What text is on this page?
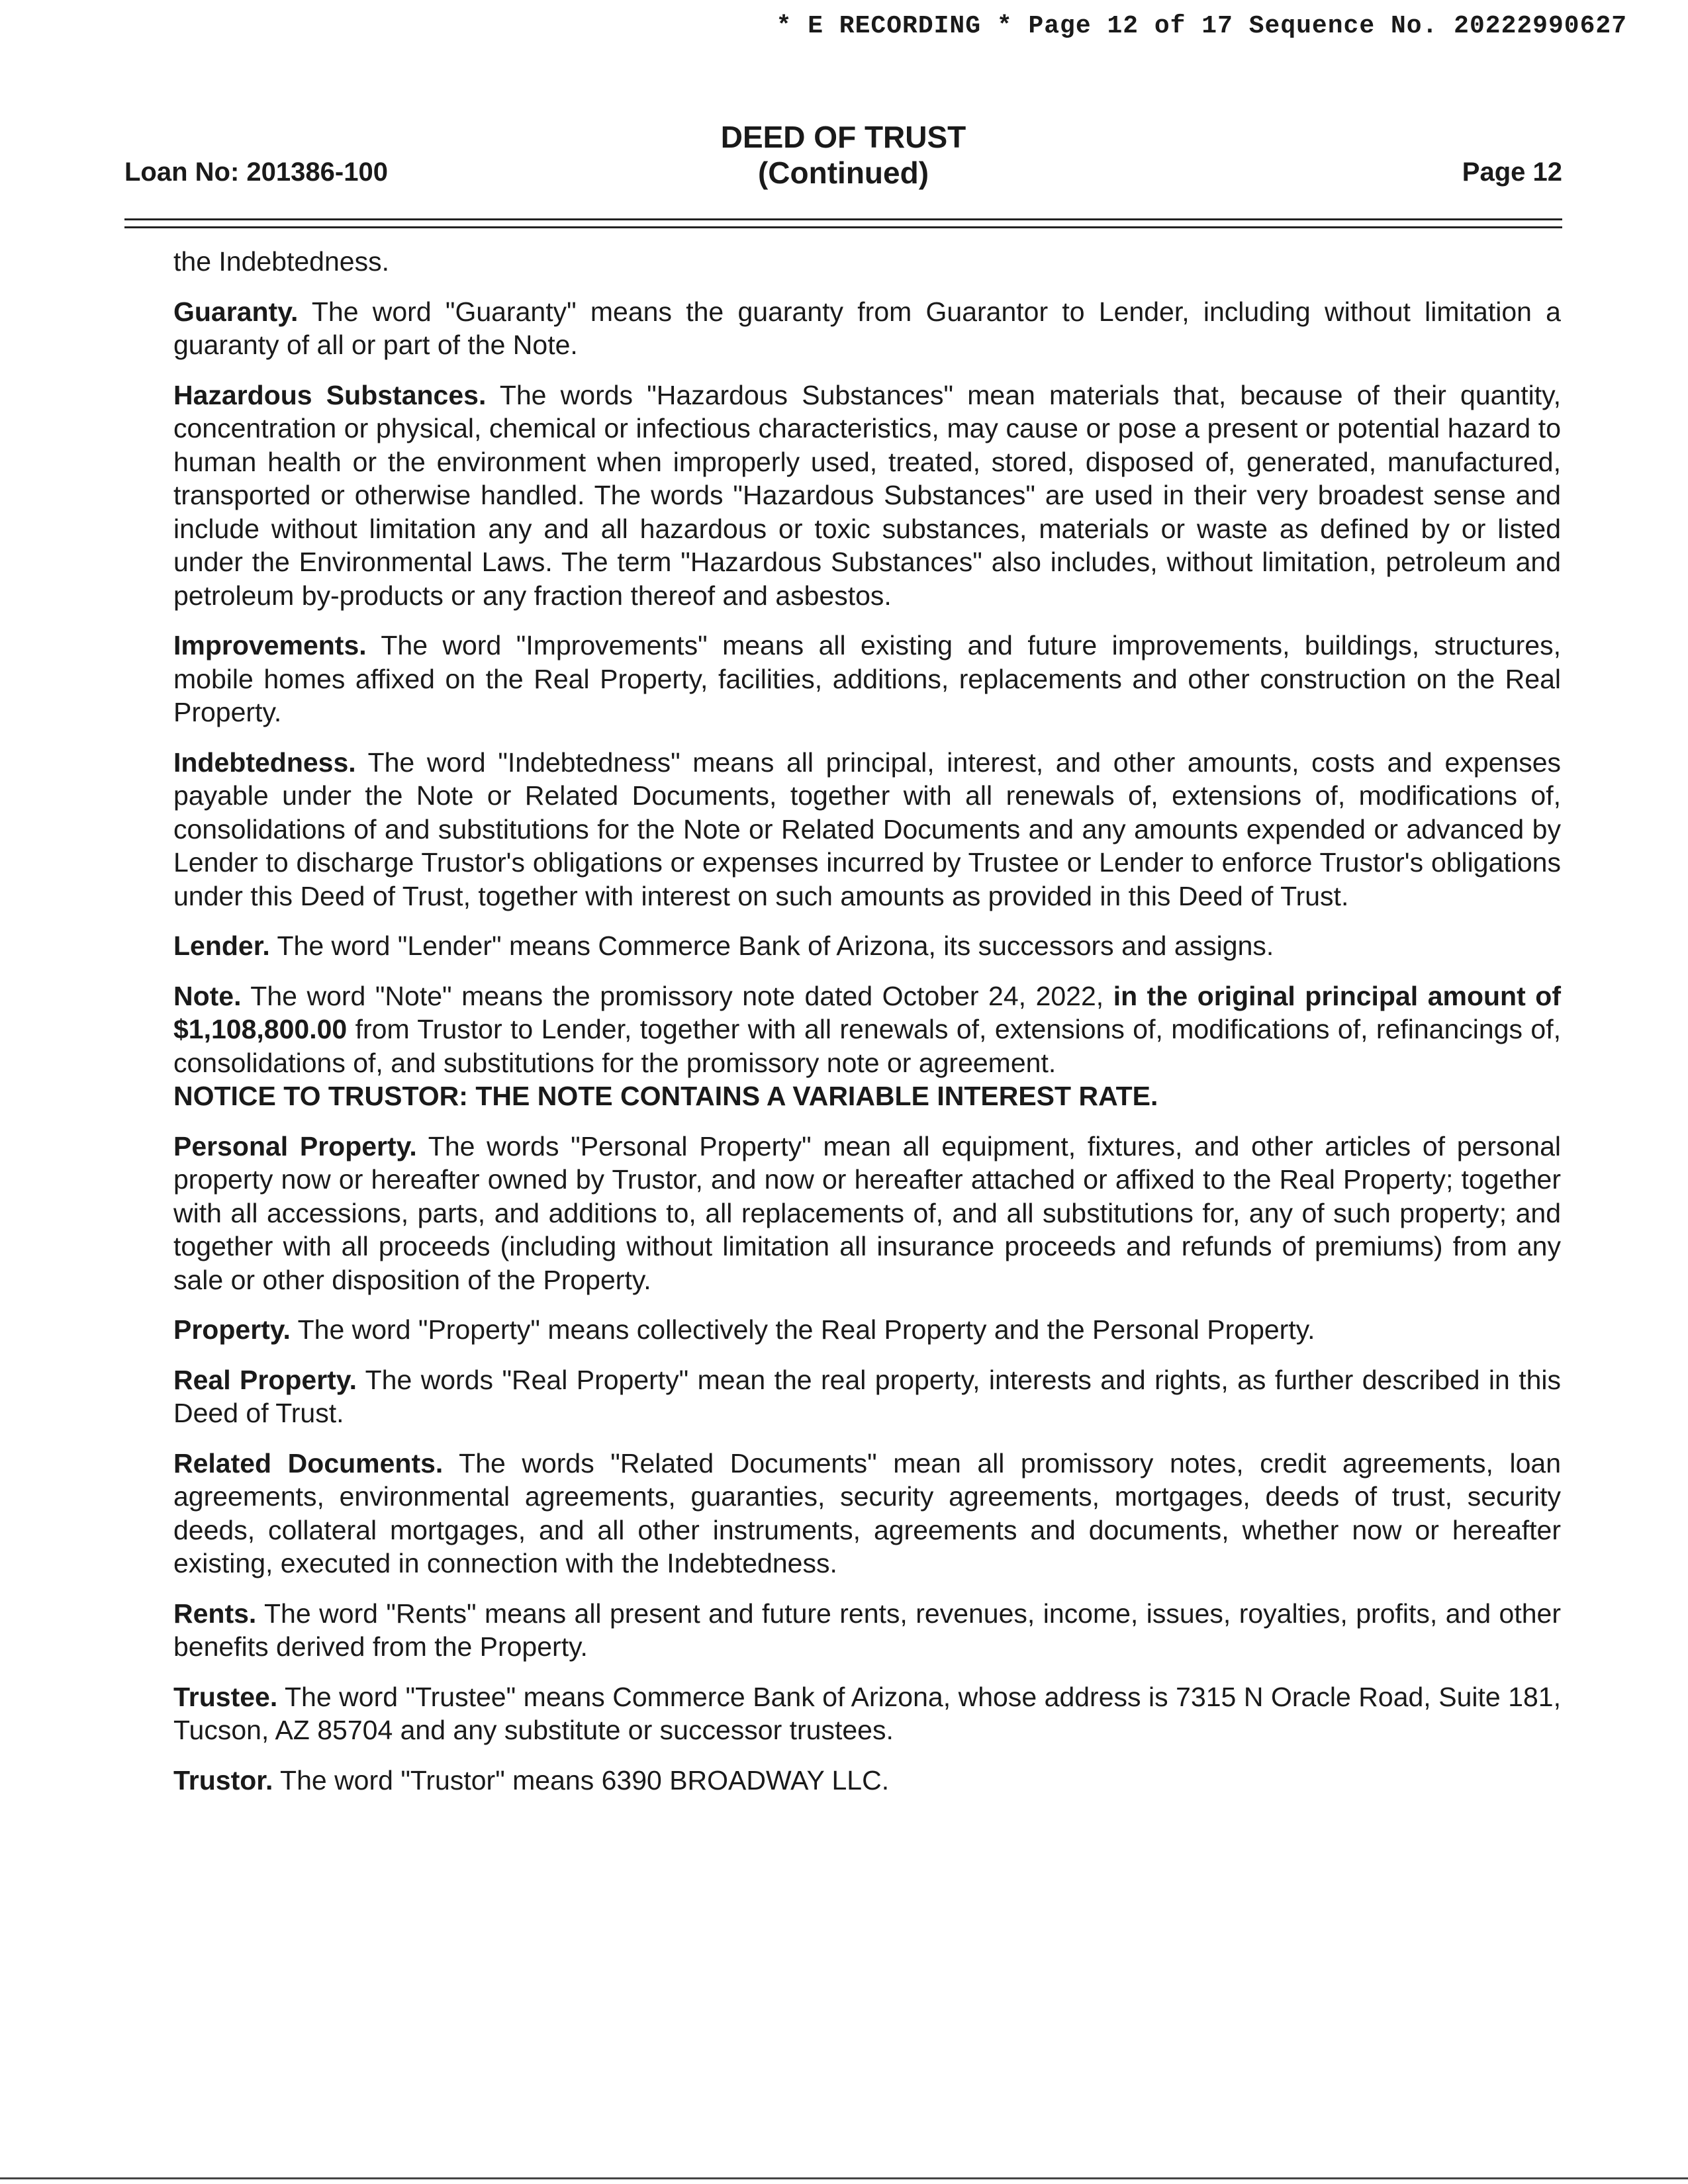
* E RECORDING * Page 12 of 17 Sequence No. 20222990627
Loan No: 201386-100
DEED OF TRUST
(Continued)	Page 12

the Indebtedness.

Guaranty. The word "Guaranty" means the guaranty from Guarantor to Lender, including without limitation a guaranty of all or part of the Note.

Hazardous Substances. The words "Hazardous Substances" mean materials that, because of their quantity, concentration or physical, chemical or infectious characteristics, may cause or pose a present or potential hazard to human health or the environment when improperly used, treated, stored, disposed of, generated, manufactured, transported or otherwise handled. The words "Hazardous Substances" are used in their very broadest sense and include without limitation any and all hazardous or toxic substances, materials or waste as defined by or listed under the Environmental Laws. The term "Hazardous Substances" also includes, without limitation, petroleum and petroleum by-products or any fraction thereof and asbestos.

Improvements. The word "Improvements" means all existing and future improvements, buildings, structures, mobile homes affixed on the Real Property, facilities, additions, replacements and other construction on the Real Property.

Indebtedness. The word "Indebtedness" means all principal, interest, and other amounts, costs and expenses payable under the Note or Related Documents, together with all renewals of, extensions of, modifications of, consolidations of and substitutions for the Note or Related Documents and any amounts expended or advanced by Lender to discharge Trustor's obligations or expenses incurred by Trustee or Lender to enforce Trustor's obligations under this Deed of Trust, together with interest on such amounts as provided in this Deed of Trust.

Lender. The word "Lender" means Commerce Bank of Arizona, its successors and assigns.

Note. The word "Note" means the promissory note dated October 24, 2022, in the original principal amount of $1,108,800.00 from Trustor to Lender, together with all renewals of, extensions of, modifications of, refinancings of, consolidations of, and substitutions for the promissory note or agreement.
NOTICE TO TRUSTOR: THE NOTE CONTAINS A VARIABLE INTEREST RATE.

Personal Property. The words "Personal Property" mean all equipment, fixtures, and other articles of personal property now or hereafter owned by Trustor, and now or hereafter attached or affixed to the Real Property; together with all accessions, parts, and additions to, all replacements of, and all substitutions for, any of such property; and together with all proceeds (including without limitation all insurance proceeds and refunds of premiums) from any sale or other disposition of the Property.

Property. The word "Property" means collectively the Real Property and the Personal Property.

Real Property. The words "Real Property" mean the real property, interests and rights, as further described in this Deed of Trust.

Related Documents. The words "Related Documents" mean all promissory notes, credit agreements, loan agreements, environmental agreements, guaranties, security agreements, mortgages, deeds of trust, security deeds, collateral mortgages, and all other instruments, agreements and documents, whether now or hereafter existing, executed in connection with the Indebtedness.

Rents. The word "Rents" means all present and future rents, revenues, income, issues, royalties, profits, and other benefits derived from the Property.

Trustee. The word "Trustee" means Commerce Bank of Arizona, whose address is 7315 N Oracle Road, Suite 181, Tucson, AZ 85704 and any substitute or successor trustees.

Trustor. The word "Trustor" means 6390 BROADWAY LLC.
